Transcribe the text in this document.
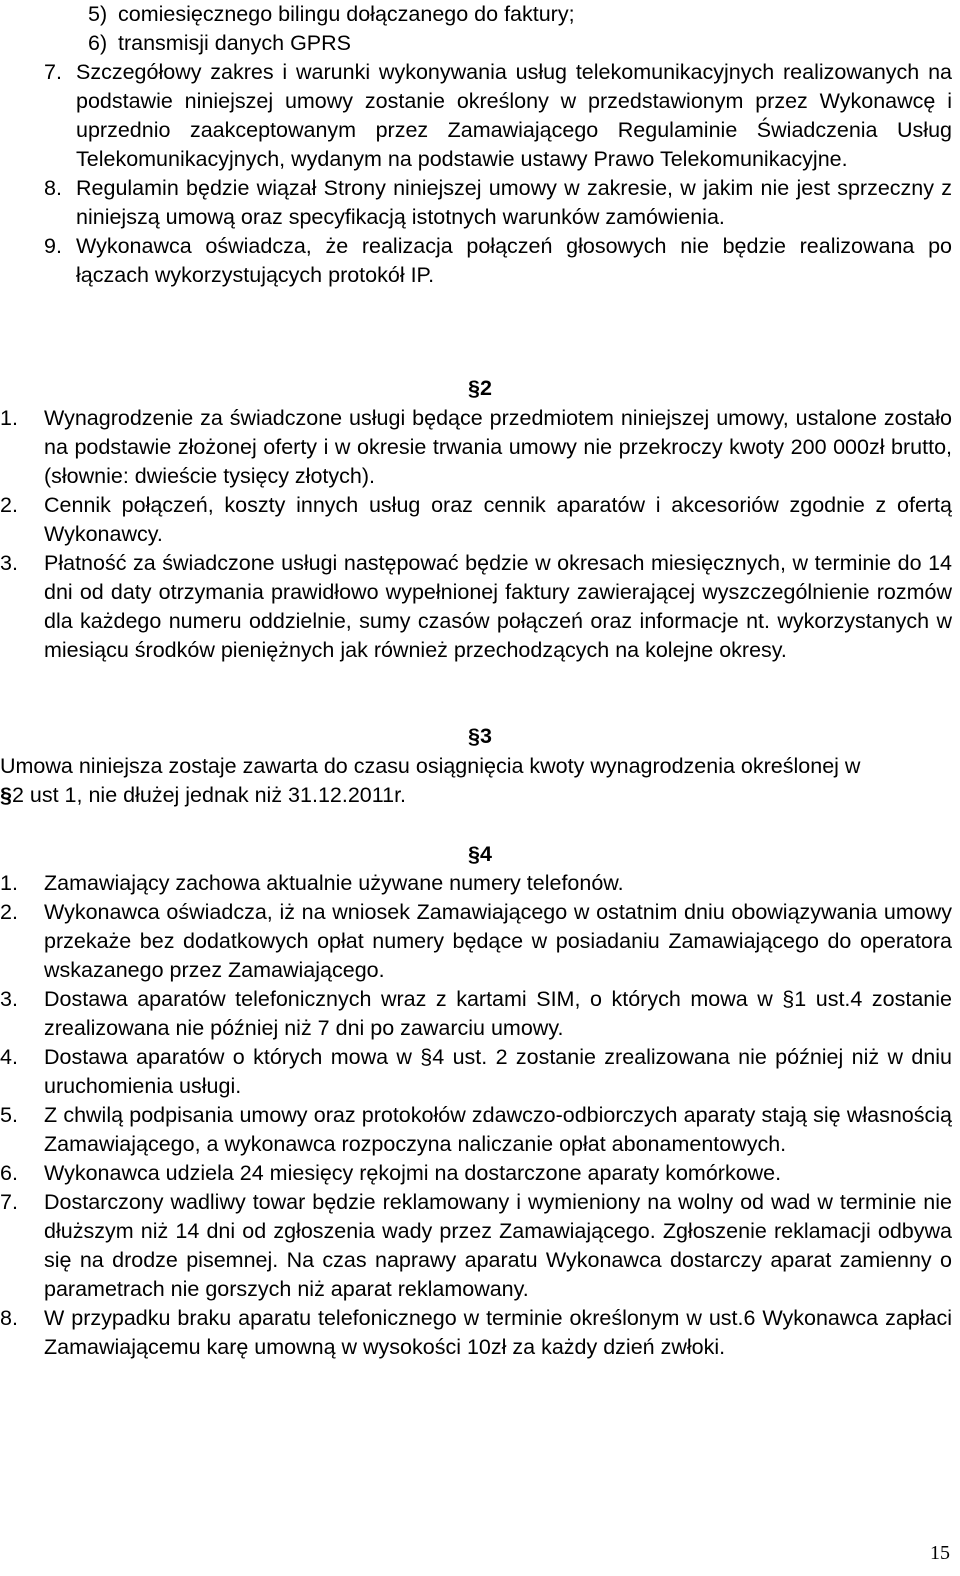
5) comiesięcznego bilingu dołączanego do faktury;
6) transmisji danych GPRS
7. Szczegółowy zakres i warunki wykonywania usług telekomunikacyjnych realizowanych na podstawie niniejszej umowy zostanie określony w przedstawionym przez Wykonawcę i uprzednio zaakceptowanym przez Zamawiającego Regulaminie Świadczenia Usług Telekomunikacyjnych, wydanym na podstawie ustawy Prawo Telekomunikacyjne.
8. Regulamin będzie wiązał Strony niniejszej umowy w zakresie, w jakim nie jest sprzeczny z niniejszą umową oraz specyfikacją istotnych warunków zamówienia.
9. Wykonawca oświadcza, że realizacja połączeń głosowych nie będzie realizowana po łączach wykorzystujących protokół IP.
§2
1. Wynagrodzenie za świadczone usługi będące przedmiotem niniejszej umowy, ustalone zostało na podstawie złożonej oferty i w okresie trwania umowy nie przekroczy kwoty 200 000zł brutto, (słownie: dwieście tysięcy złotych).
2. Cennik połączeń, koszty innych usług oraz cennik aparatów i akcesoriów zgodnie z ofertą Wykonawcy.
3. Płatność za świadczone usługi następować będzie w okresach miesięcznych, w terminie do 14 dni od daty otrzymania prawidłowo wypełnionej faktury zawierającej wyszczególnienie rozmów dla każdego numeru oddzielnie, sumy czasów połączeń oraz informacje nt. wykorzystanych w miesiącu środków pieniężnych jak również przechodzących na kolejne okresy.
§3
Umowa niniejsza zostaje zawarta do czasu osiągnięcia kwoty wynagrodzenia określonej w §2 ust 1, nie dłużej jednak niż 31.12.2011r.
§4
1. Zamawiający zachowa aktualnie używane numery telefonów.
2. Wykonawca oświadcza, iż na wniosek Zamawiającego w ostatnim dniu obowiązywania umowy przekaże bez dodatkowych opłat numery będące w posiadaniu Zamawiającego do operatora wskazanego przez Zamawiającego.
3. Dostawa aparatów telefonicznych wraz z kartami SIM, o których mowa w §1 ust.4 zostanie zrealizowana nie później niż 7 dni po zawarciu umowy.
4. Dostawa aparatów o których mowa w §4 ust. 2 zostanie zrealizowana nie później niż w dniu uruchomienia usługi.
5. Z chwilą podpisania umowy oraz protokołów zdawczo-odbiorczych aparaty stają się własnością Zamawiającego, a wykonawca rozpoczyna naliczanie opłat abonamentowych.
6. Wykonawca udziela 24 miesięcy rękojmi na dostarczone aparaty komórkowe.
7. Dostarczony wadliwy towar będzie reklamowany i wymieniony na wolny od wad w terminie nie dłuższym niż 14 dni od zgłoszenia wady przez Zamawiającego. Zgłoszenie reklamacji odbywa się na drodze pisemnej. Na czas naprawy aparatu Wykonawca dostarczy aparat zamienny o parametrach nie gorszych niż aparat reklamowany.
8. W przypadku braku aparatu telefonicznego w terminie określonym w ust.6 Wykonawca zapłaci Zamawiającemu karę umowną w wysokości 10zł za każdy dzień zwłoki.
15
